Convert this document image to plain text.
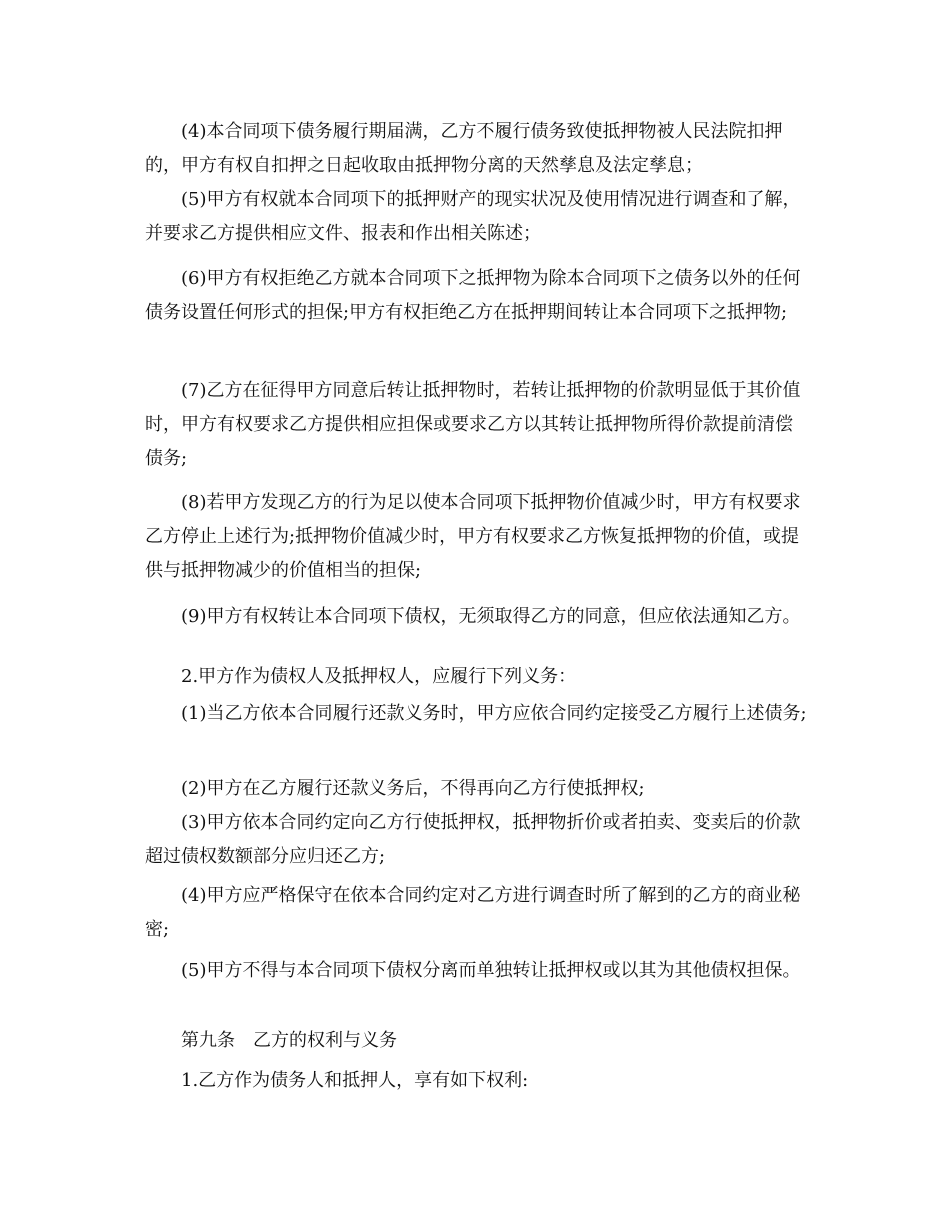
(4)本合同项下债务履行期届满，乙方不履行债务致使抵押物被人民法院扣押的，甲方有权自扣押之日起收取由抵押物分离的天然孳息及法定孳息；

(5)甲方有权就本合同项下的抵押财产的现实状况及使用情况进行调查和了解，并要求乙方提供相应文件、报表和作出相关陈述；

(6)甲方有权拒绝乙方就本合同项下之抵押物为除本合同项下之债务以外的任何债务设置任何形式的担保;甲方有权拒绝乙方在抵押期间转让本合同项下之抵押物;

(7)乙方在征得甲方同意后转让抵押物时，若转让抵押物的价款明显低于其价值时，甲方有权要求乙方提供相应担保或要求乙方以其转让抵押物所得价款提前清偿债务;

(8)若甲方发现乙方的行为足以使本合同项下抵押物价值减少时，甲方有权要求乙方停止上述行为;抵押物价值减少时，甲方有权要求乙方恢复抵押物的价值，或提供与抵押物减少的价值相当的担保;

(9)甲方有权转让本合同项下债权，无须取得乙方的同意，但应依法通知乙方。

2.甲方作为债权人及抵押权人，应履行下列义务：

(1)当乙方依本合同履行还款义务时，甲方应依合同约定接受乙方履行上述债务;

(2)甲方在乙方履行还款义务后，不得再向乙方行使抵押权;

(3)甲方依本合同约定向乙方行使抵押权，抵押物折价或者拍卖、变卖后的价款超过债权数额部分应归还乙方;

(4)甲方应严格保守在依本合同约定对乙方进行调查时所了解到的乙方的商业秘密;

(5)甲方不得与本合同项下债权分离而单独转让抵押权或以其为其他债权担保。

第九条　乙方的权利与义务

1.乙方作为债务人和抵押人，享有如下权利:
